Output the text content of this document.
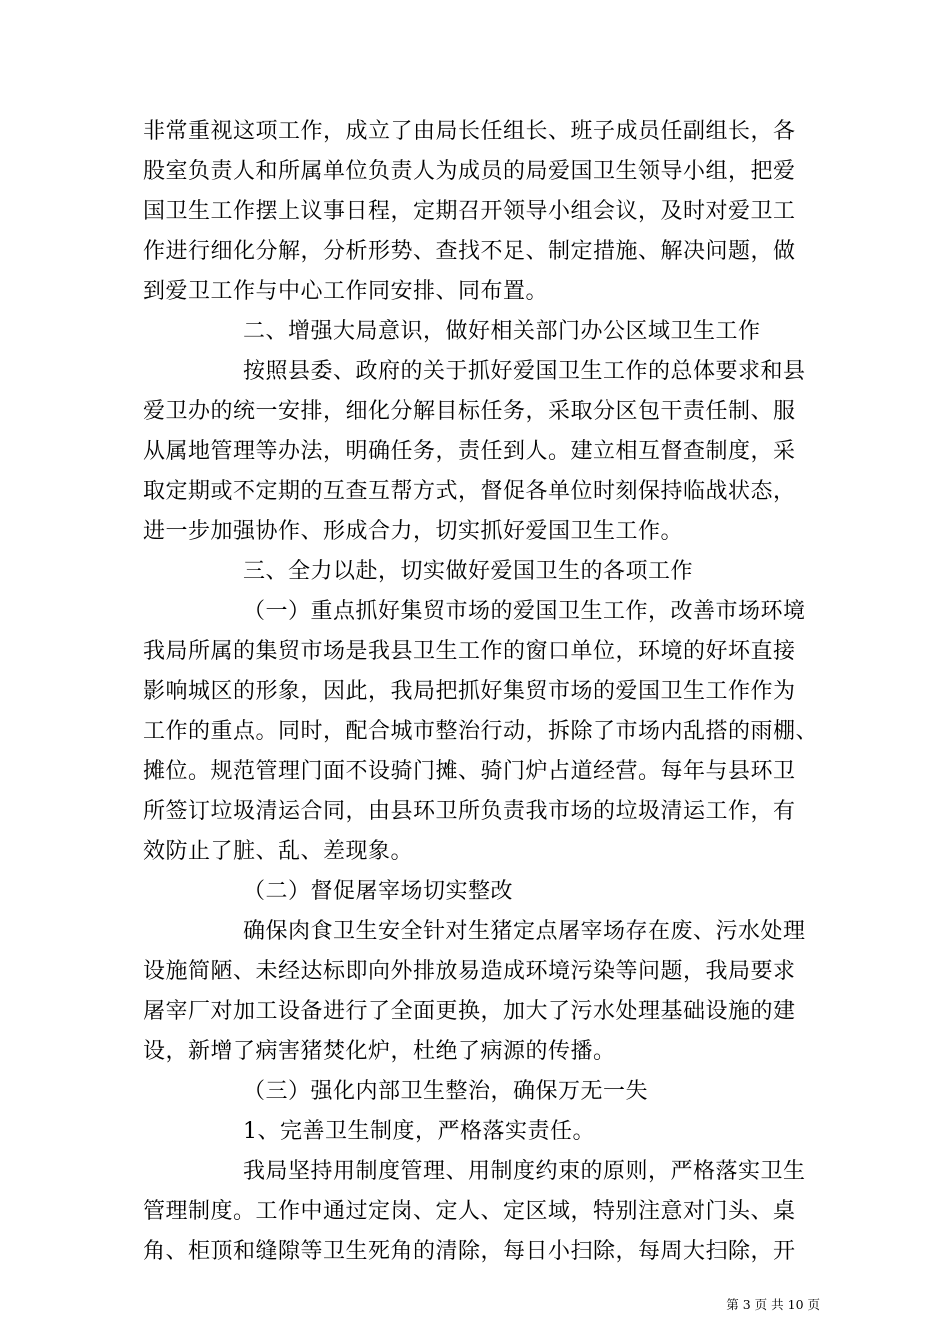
非常重视这项工作，成立了由局长任组长、班子成员任副组长，各
股室负责人和所属单位负责人为成员的局爱国卫生领导小组，把爱
国卫生工作摆上议事日程，定期召开领导小组会议，及时对爱卫工
作进行细化分解，分析形势、查找不足、制定措施、解决问题，做
到爱卫工作与中心工作同安排、同布置。
二、增强大局意识，做好相关部门办公区域卫生工作
按照县委、政府的关于抓好爱国卫生工作的总体要求和县
爱卫办的统一安排，细化分解目标任务，采取分区包干责任制、服
从属地管理等办法，明确任务，责任到人。建立相互督查制度，采
取定期或不定期的互查互帮方式，督促各单位时刻保持临战状态，
进一步加强协作、形成合力，切实抓好爱国卫生工作。
三、全力以赴，切实做好爱国卫生的各项工作
（一）重点抓好集贸市场的爱国卫生工作，改善市场环境
我局所属的集贸市场是我县卫生工作的窗口单位，环境的好坏直接
影响城区的形象，因此，我局把抓好集贸市场的爱国卫生工作作为
工作的重点。同时，配合城市整治行动，拆除了市场内乱搭的雨棚、
摊位。规范管理门面不设骑门摊、骑门炉占道经营。每年与县环卫
所签订垃圾清运合同，由县环卫所负责我市场的垃圾清运工作，有
效防止了脏、乱、差现象。
（二）督促屠宰场切实整改
确保肉食卫生安全针对生猪定点屠宰场存在废、污水处理
设施简陋、未经达标即向外排放易造成环境污染等问题，我局要求
屠宰厂对加工设备进行了全面更换，加大了污水处理基础设施的建
设，新增了病害猪焚化炉，杜绝了病源的传播。
（三）强化内部卫生整治，确保万无一失
1、完善卫生制度，严格落实责任。
我局坚持用制度管理、用制度约束的原则，严格落实卫生
管理制度。工作中通过定岗、定人、定区域，特别注意对门头、桌
角、柜顶和缝隙等卫生死角的清除，每日小扫除，每周大扫除，开
第 3 页 共 10 页
